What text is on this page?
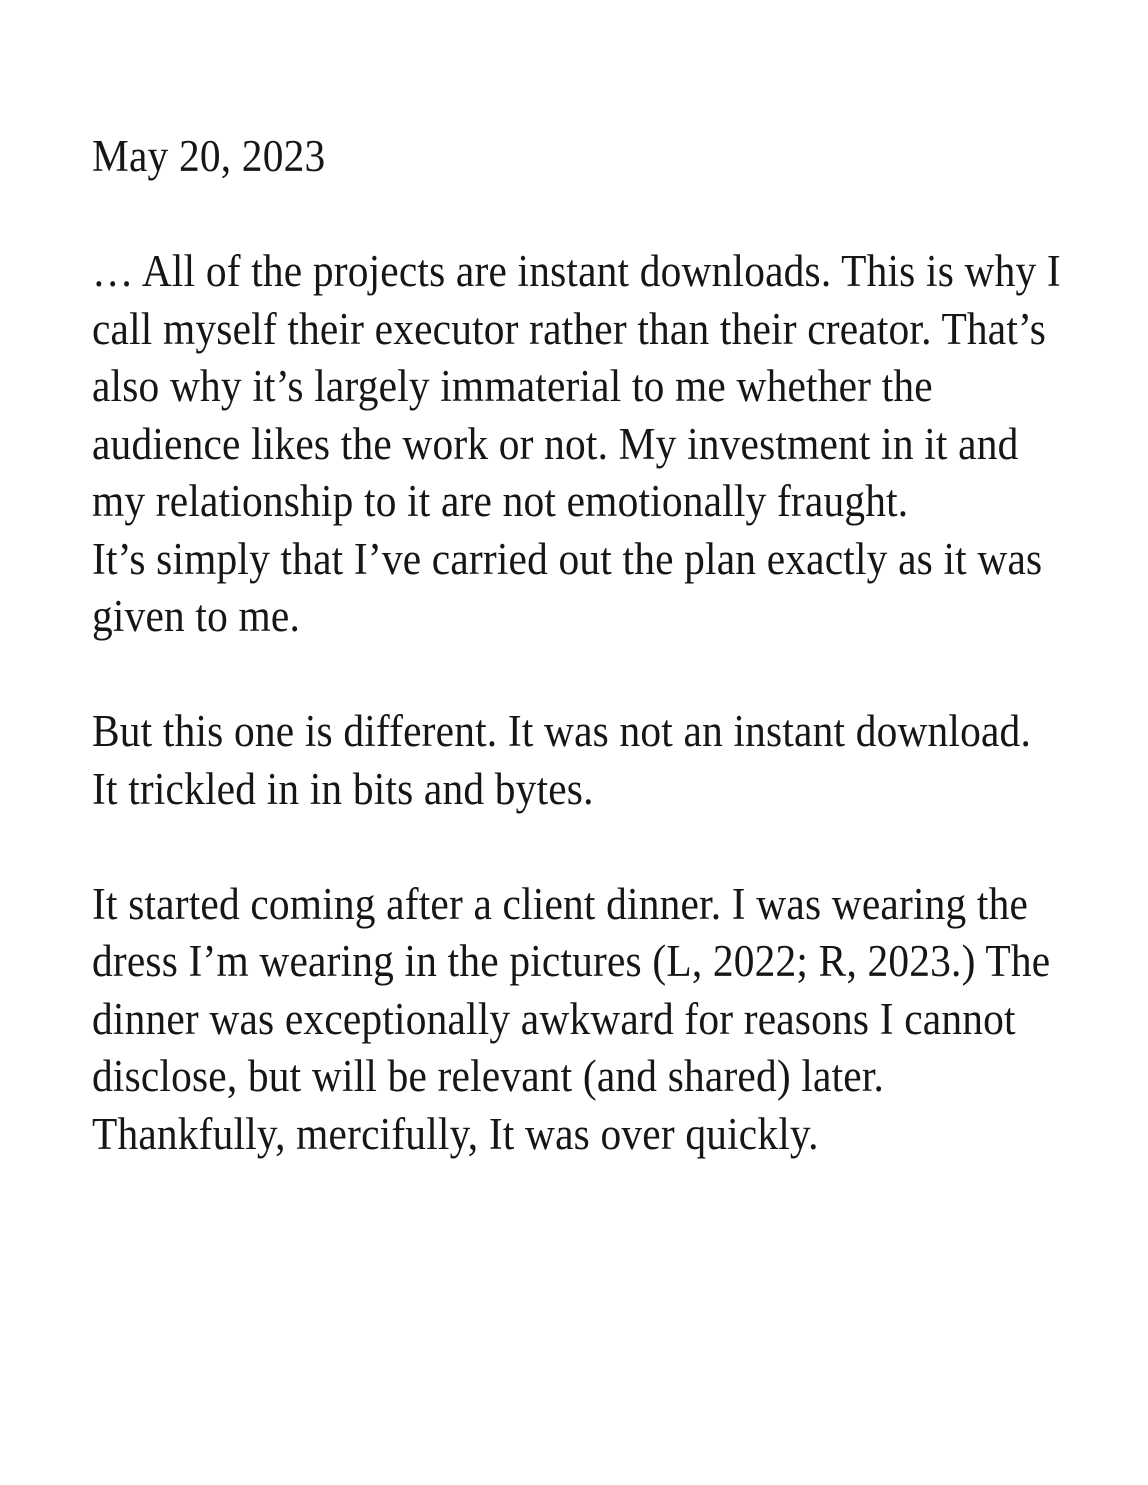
May 20, 2023
… All of the projects are instant downloads. This is why I
call myself their executor rather than their creator. That’s
also why it’s largely immaterial to me whether the
audience likes the work or not. My investment in it and
my relationship to it are not emotionally fraught.
It’s simply that I’ve carried out the plan exactly as it was
given to me.
But this one is different. It was not an instant download.
It trickled in in bits and bytes.
It started coming after a client dinner. I was wearing the
dress I’m wearing in the pictures (L, 2022; R, 2023.) The
dinner was exceptionally awkward for reasons I cannot
disclose, but will be relevant (and shared) later.
Thankfully, mercifully, It was over quickly.
